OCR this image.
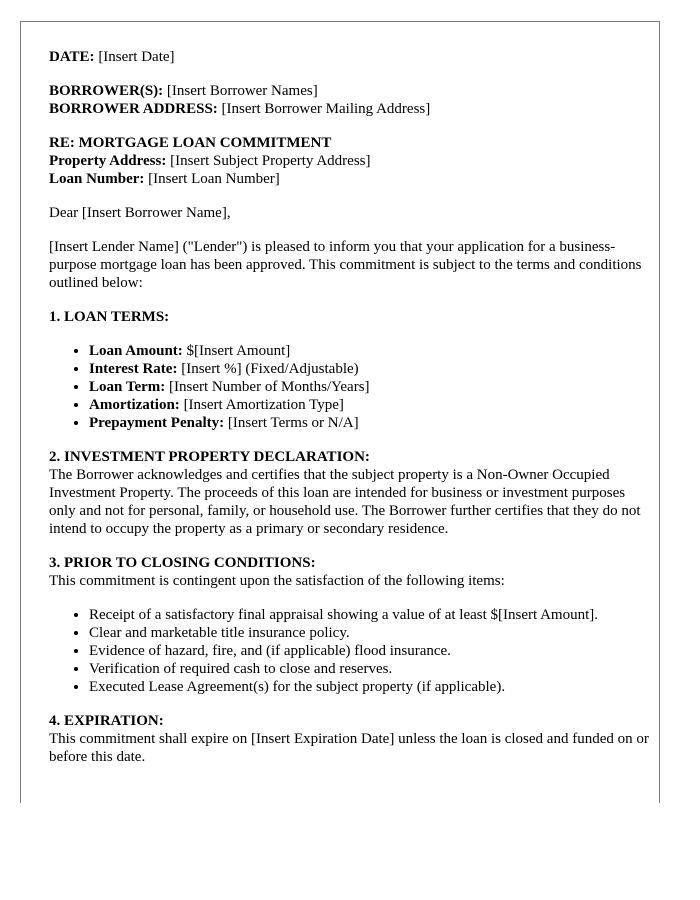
DATE: [Insert Date]

BORROWER(S): [Insert Borrower Names]
BORROWER ADDRESS: [Insert Borrower Mailing Address]
RE: MORTGAGE LOAN COMMITMENT
Property Address: [Insert Subject Property Address]
Loan Number: [Insert Loan Number]

Dear [Insert Borrower Name],

[Insert Lender Name] ("Lender") is pleased to inform you that your application for a business-purpose mortgage loan has been approved. This commitment is subject to the terms and conditions outlined below:

1. LOAN TERMS:

• Loan Amount: $[Insert Amount]
• Interest Rate: [Insert %] (Fixed/Adjustable)
• Loan Term: [Insert Number of Months/Years]
• Amortization: [Insert Amortization Type]
• Prepayment Penalty: [Insert Terms or N/A]
2. INVESTMENT PROPERTY DECLARATION:
The Borrower acknowledges and certifies that the subject property is a Non-Owner Occupied Investment Property. The proceeds of this loan are intended for business or investment purposes only and not for personal, family, or household use. The Borrower further certifies that they do not intend to occupy the property as a primary or secondary residence.
3. PRIOR TO CLOSING CONDITIONS:
This commitment is contingent upon the satisfaction of the following items:
• Receipt of a satisfactory final appraisal showing a value of at least $[Insert Amount].
• Clear and marketable title insurance policy.
• Evidence of hazard, fire, and (if applicable) flood insurance.
• Verification of required cash to close and reserves.
• Executed Lease Agreement(s) for the subject property (if applicable).
4. EXPIRATION:
This commitment shall expire on [Insert Expiration Date] unless the loan is closed and funded on or before this date.
